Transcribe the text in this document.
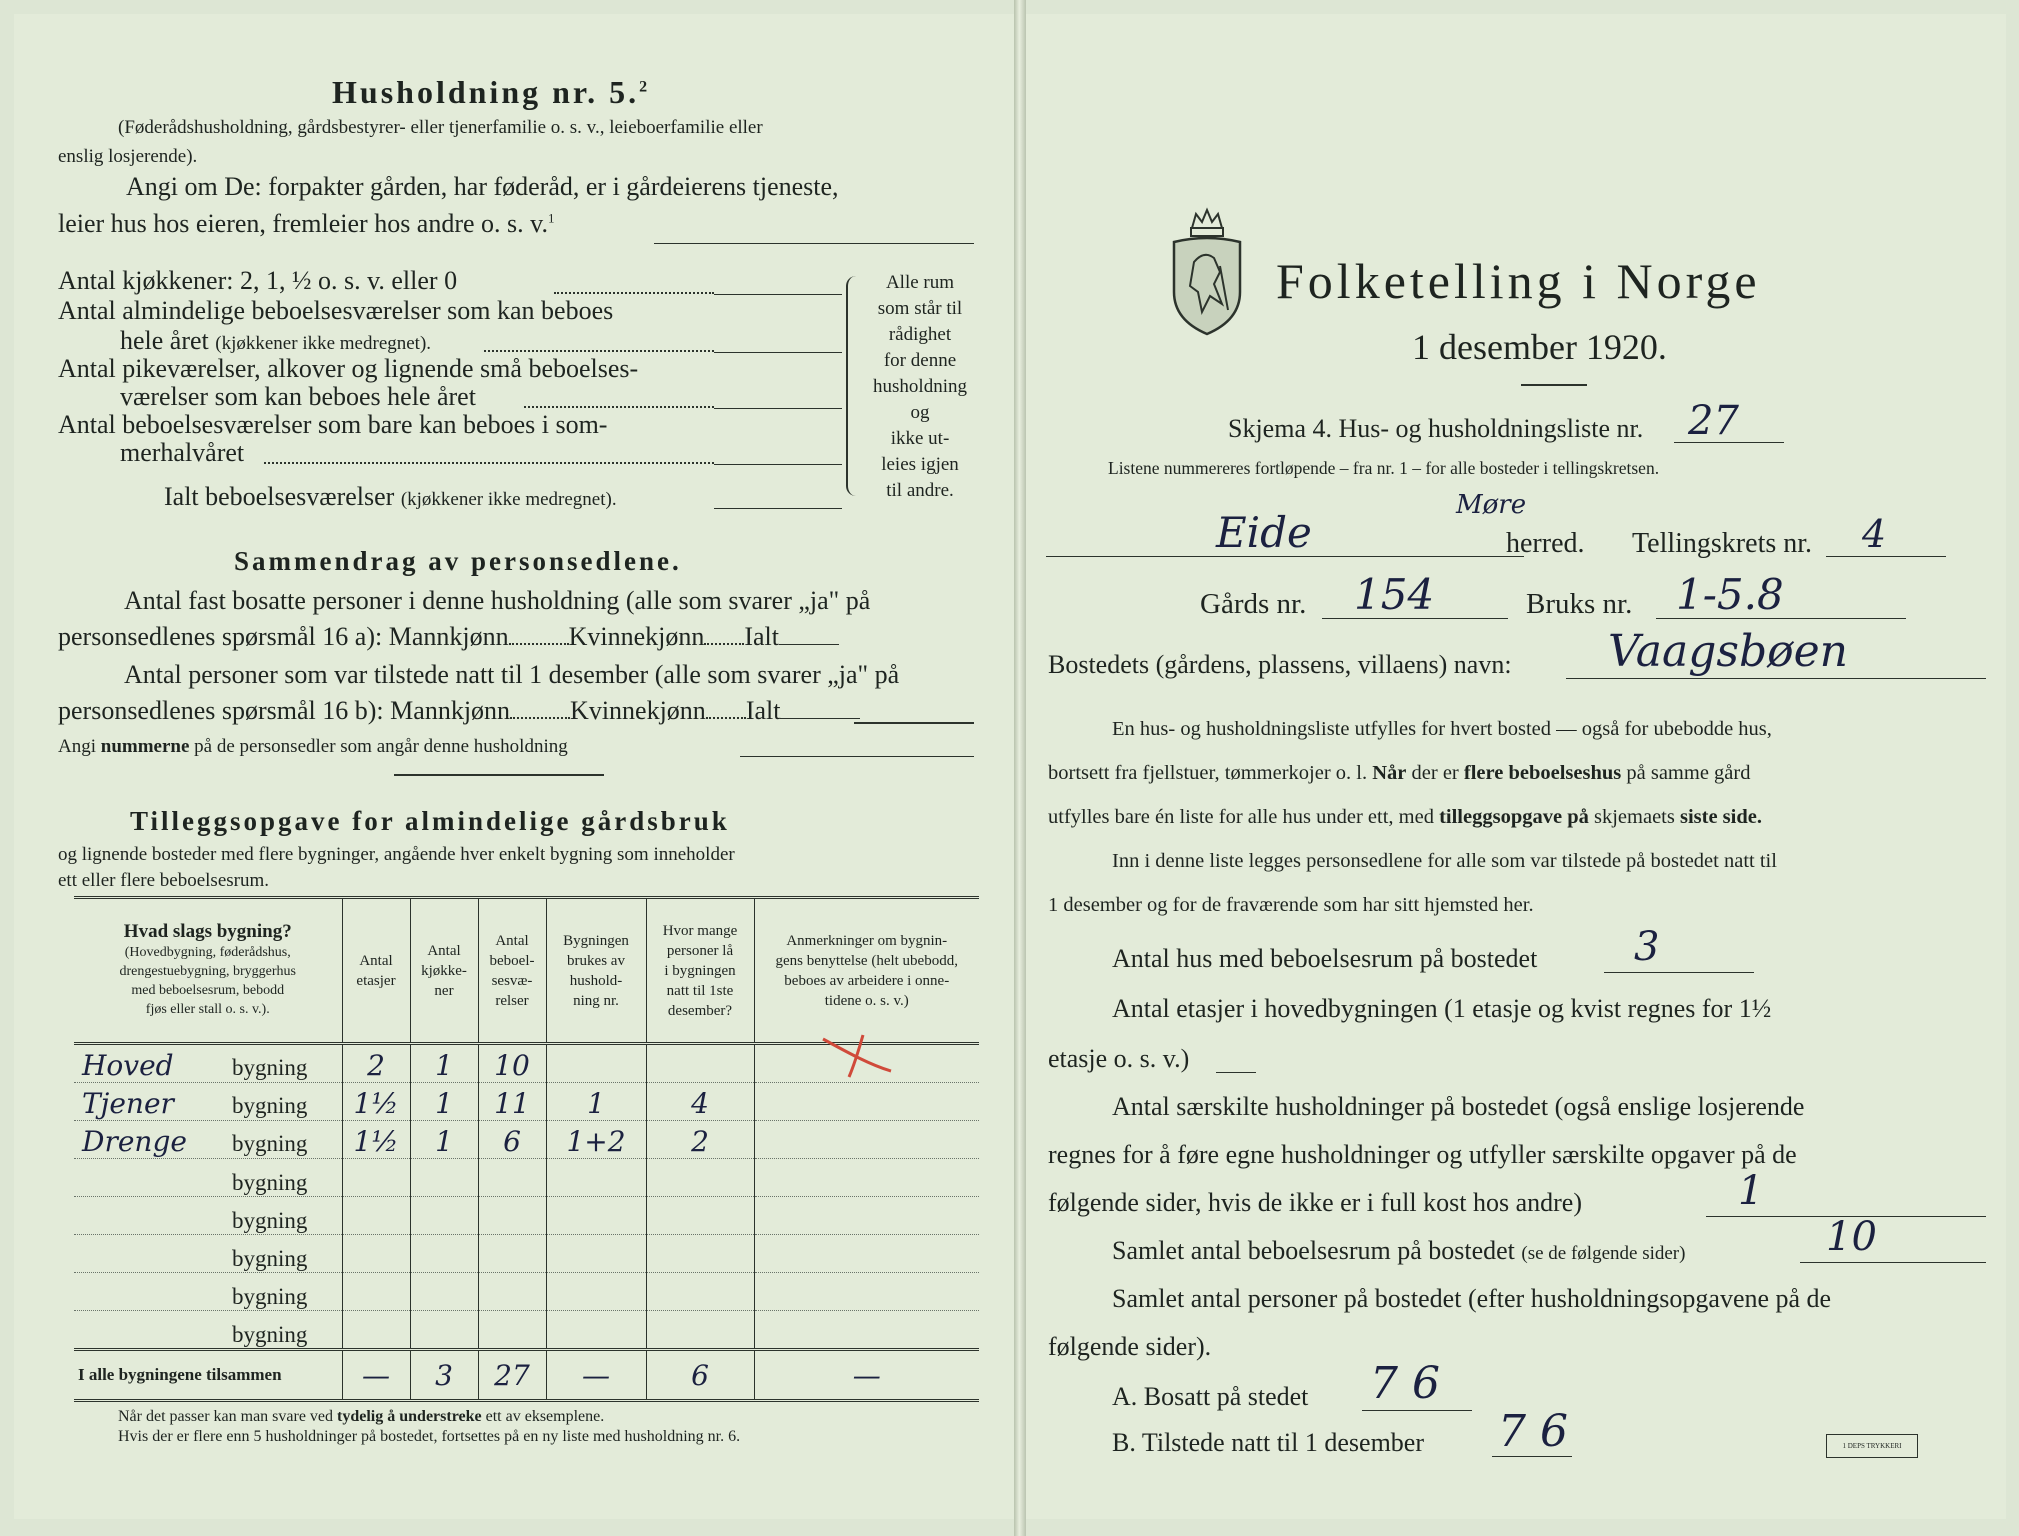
Husholdning nr. 5.$^2$
(Føderådshusholdning, gårdsbestyrer- eller tjenerfamilie o. s. v., leieboerfamilie eller
enslig losjerende).
Angi om De: forpakter gården, har føderåd, er i gårdeierens tjeneste,
leier hus hos eieren, fremleier hos andre o. s. v.$^1$
Antal kjøkkener: 2, 1, ½ o. s. v. eller 0
Antal almindelige beboelsesværelser som kan beboes
hele året (kjøkkener ikke medregnet).
Antal pikeværelser, alkover og lignende små beboelses-
værelser som kan beboes hele året
Antal beboelsesværelser som bare kan beboes i som-
merhalvåret
Ialt beboelsesværelser (kjøkkener ikke medregnet).
Alle rum
som står til
rådighet
for denne
husholdning
og
ikke ut-
leies igjen
til andre.
Sammendrag av personsedlene.
Antal fast bosatte personer i denne husholdning (alle som svarer „ja" på
personsedlenes spørsmål 16 a): Mannkjønn Kvinnekjønn Ialt
Antal personer som var tilstede natt til 1 desember (alle som svarer „ja" på
personsedlenes spørsmål 16 b): Mannkjønn Kvinnekjønn Ialt
Angi nummerne på de personsedler som angår denne husholdning
Tilleggsopgave for almindelige gårdsbruk
og lignende bosteder med flere bygninger, angående hver enkelt bygning som inneholder
ett eller flere beboelsesrum.
Hvad slags bygning?
(Hovedbygning, føderådshus,
drengestuebygning, bryggerhus
med beboelsesrum, bebodd
fjøs eller stall o. s. v.).	Antal
etasjer	Antal
kjøkke-
ner	Antal
beboel-
sesvæ-
relser	Bygningen
brukes av
hushold-
ning nr.	Hvor mange
personer lå
i bygningen
natt til 1ste
desember?	Anmerkninger om bygnin-
gens benyttelse (helt ubebodd,
beboes av arbeidere i onne-
tidene o. s. v.)
Hoved bygning	2	1	10			

Tjener bygning	1½	1	11	1	4	
Drenge bygning	1½	1	6	1+2	2	
bygning						
bygning						
bygning						
bygning						
bygning						
I alle bygningene tilsammen	—	3	27	—	6	—
Når det passer kan man svare ved tydelig å understreke ett av eksemplene.
Hvis der er flere enn 5 husholdninger på bostedet, fortsettes på en ny liste med husholdning nr. 6.
Folketelling i Norge
1 desember 1920.
Skjema 4. Hus- og husholdningsliste nr. 27
Listene nummereres fortløpende – fra nr. 1 – for alle bosteder i tellingskretsen.
Møre
Eide	herred. Tellingskrets nr. 4
Gårds nr. 154	Bruks nr. 1-5.8
Bostedets (gårdens, plassens, villaens) navn: Vaagsbøen
En hus- og husholdningsliste utfylles for hvert bosted — også for ubebodde hus,
bortsett fra fjellstuer, tømmerkojer o. l. Når der er flere beboelseshus på samme gård
utfylles bare én liste for alle hus under ett, med tilleggsopgave på skjemaets siste side.
Inn i denne liste legges personsedlene for alle som var tilstede på bostedet natt til
1 desember og for de fraværende som har sitt hjemsted her.
Antal hus med beboelsesrum på bostedet 3
Antal etasjer i hovedbygningen (1 etasje og kvist regnes for 1½
etasje o. s. v.)
Antal særskilte husholdninger på bostedet (også enslige losjerende
regnes for å føre egne husholdninger og utfyller særskilte opgaver på de
følgende sider, hvis de ikke er i full kost hos andre)	1
Samlet antal beboelsesrum på bostedet (se de følgende sider)	10
Samlet antal personer på bostedet (efter husholdningsopgavene på de
følgende sider).
A. Bosatt på stedet 7 6
B. Tilstede natt til 1 desember 7 6	1 DEPS TRYKKERI
